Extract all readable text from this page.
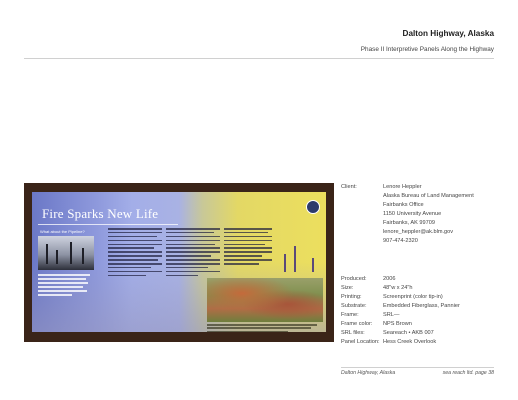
Dalton Highway, Alaska
Phase II Interpretive Panels Along the Highway
Fire Sparks New Life
What about the Pipeline?
Client:	Lenore Heppler
Alaska Bureau of Land Management
Fairbanks Office
1150 University Avenue
Fairbanks, AK 99709
lenore_heppler@ak.blm.gov
907-474-2320
Produced:	2006
Size:	48"w x 24"h
Printing:	Screenprint (color tip-in)
Substrate:	Embedded Fiberglass, Pannier
Frame:	SRL—
Frame color: NPS Brown
SRL files:	Seareach • AKB 007
Panel Location: Hess Creek Overlook
Dalton Highway, Alaska	sea reach ltd. page 38
